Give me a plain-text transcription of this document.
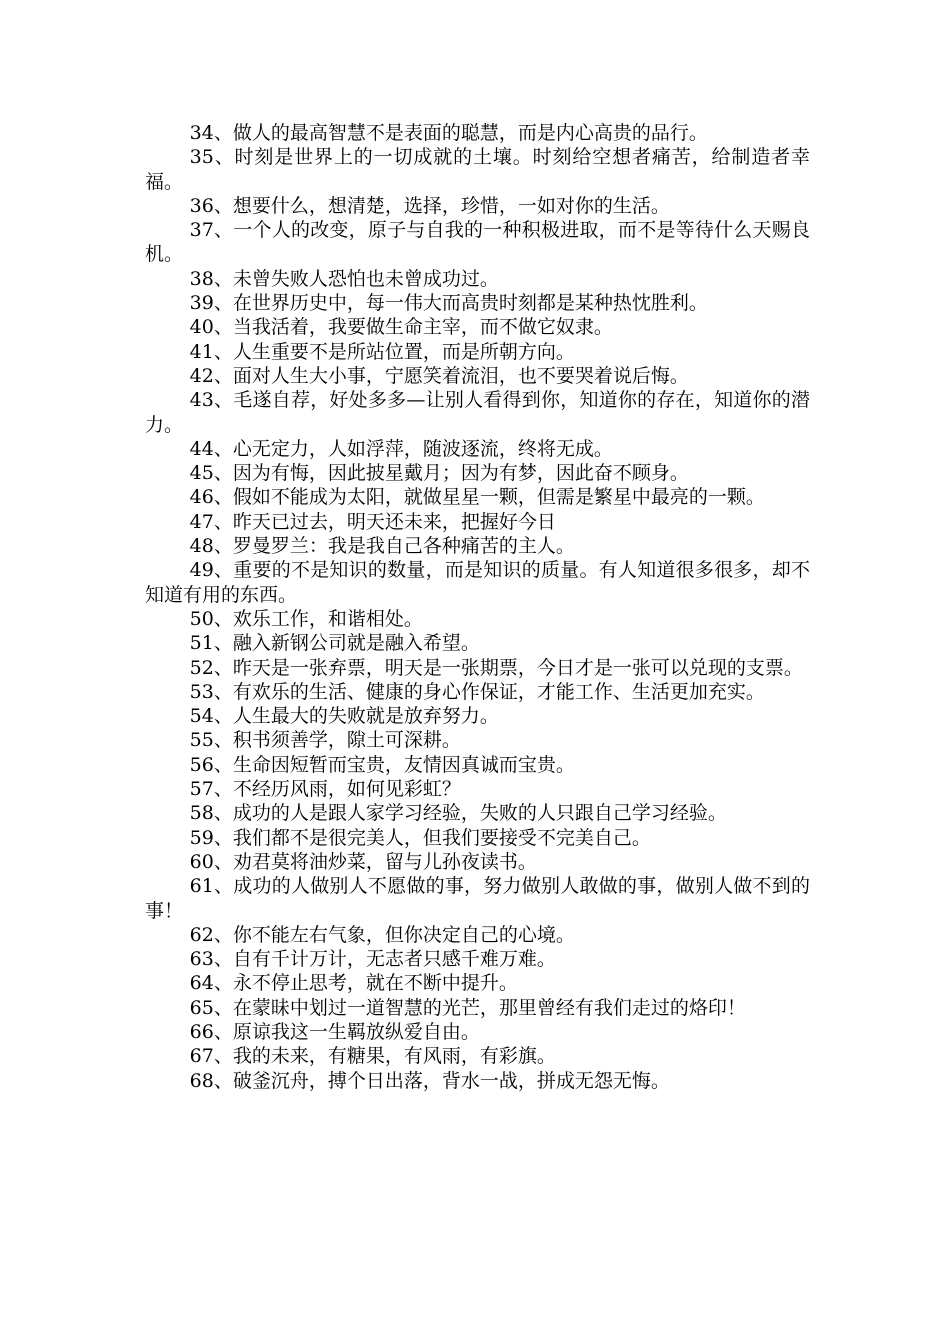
34、做人的最高智慧不是表面的聪慧，而是内心高贵的品行。

35、时刻是世界上的一切成就的土壤。时刻给空想者痛苦，给制造者幸福。

36、想要什么，想清楚，选择，珍惜，一如对你的生活。

37、一个人的改变，原子与自我的一种积极进取，而不是等待什么天赐良机。

38、未曾失败人恐怕也未曾成功过。

39、在世界历史中，每一伟大而高贵时刻都是某种热忱胜利。

40、当我活着，我要做生命主宰，而不做它奴隶。

41、人生重要不是所站位置，而是所朝方向。

42、面对人生大小事，宁愿笑着流泪，也不要哭着说后悔。

43、毛遂自荐，好处多多—让别人看得到你，知道你的存在，知道你的潜力。

44、心无定力，人如浮萍，随波逐流，终将无成。

45、因为有悔，因此披星戴月；因为有梦，因此奋不顾身。

46、假如不能成为太阳，就做星星一颗，但需是繁星中最亮的一颗。

47、昨天已过去，明天还未来，把握好今日

48、罗曼罗兰：我是我自己各种痛苦的主人。

49、重要的不是知识的数量，而是知识的质量。有人知道很多很多，却不知道有用的东西。

50、欢乐工作，和谐相处。

51、融入新钢公司就是融入希望。

52、昨天是一张弃票，明天是一张期票，今日才是一张可以兑现的支票。

53、有欢乐的生活、健康的身心作保证，才能工作、生活更加充实。

54、人生最大的失败就是放弃努力。

55、积书须善学，隙土可深耕。

56、生命因短暂而宝贵，友情因真诚而宝贵。

57、不经历风雨，如何见彩虹？

58、成功的人是跟人家学习经验，失败的人只跟自己学习经验。

59、我们都不是很完美人，但我们要接受不完美自己。

60、劝君莫将油炒菜，留与儿孙夜读书。

61、成功的人做别人不愿做的事，努力做别人敢做的事，做别人做不到的事！

62、你不能左右气象，但你决定自己的心境。

63、自有千计万计，无志者只感千难万难。

64、永不停止思考，就在不断中提升。

65、在蒙昧中划过一道智慧的光芒，那里曾经有我们走过的烙印！

66、原谅我这一生羁放纵爱自由。

67、我的未来，有糖果，有风雨，有彩旗。

68、破釜沉舟，搏个日出落，背水一战，拼成无怨无悔。
